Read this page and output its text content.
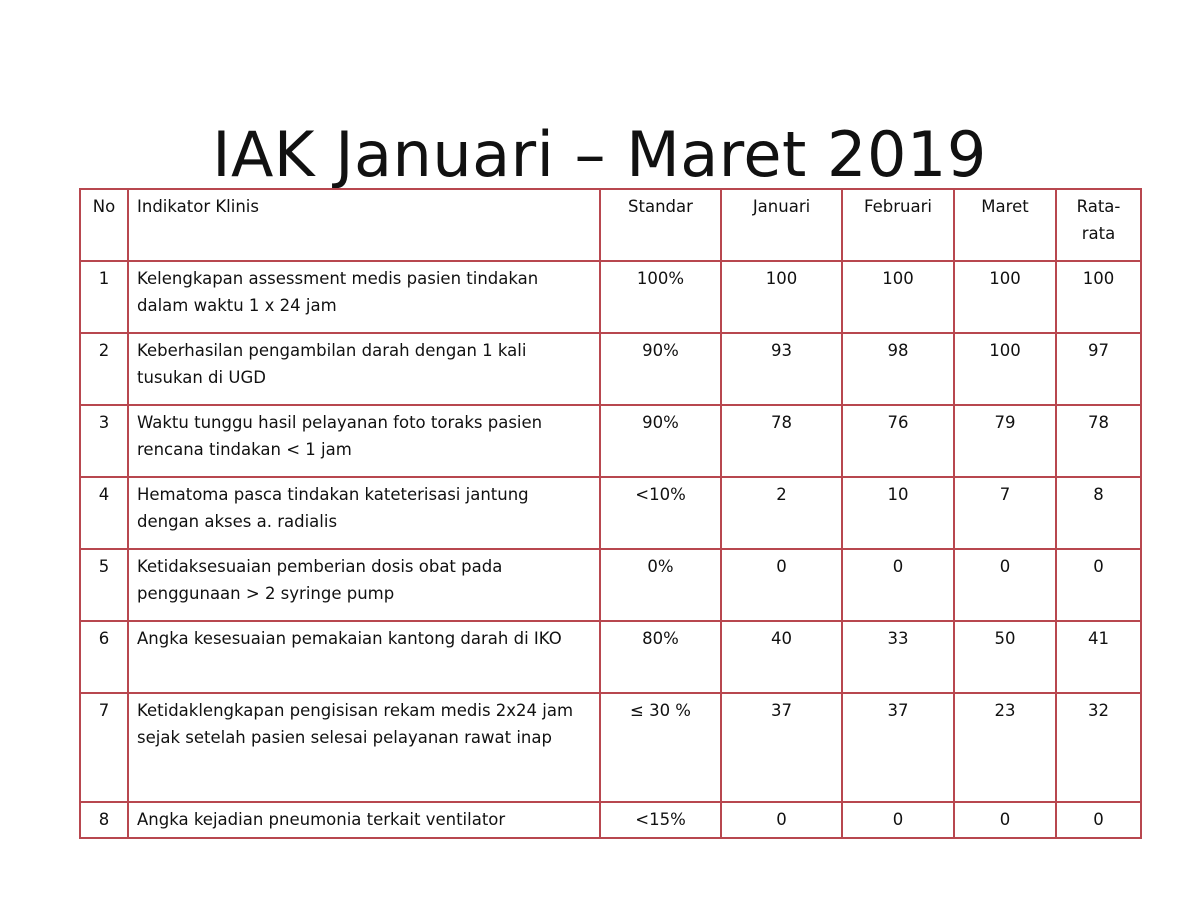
IAK Januari – Maret 2019
No	Indikator Klinis	Standar	Januari	Februari	Maret	Rata-rata
1	Kelengkapan assessment medis pasien tindakan dalam waktu 1 x 24 jam	100%	100	100	100	100
2	Keberhasilan pengambilan darah dengan 1 kali tusukan di UGD	90%	93	98	100	97
3	Waktu tunggu hasil pelayanan foto toraks pasien rencana tindakan < 1 jam	90%	78	76	79	78
4	Hematoma pasca tindakan kateterisasi jantung dengan akses a. radialis	<10%	2	10	7	8
5	Ketidaksesuaian pemberian dosis obat pada penggunaan > 2 syringe pump	0%	0	0	0	0
6	Angka kesesuaian pemakaian kantong darah di IKO	80%	40	33	50	41
7	Ketidaklengkapan pengisisan rekam medis 2x24 jam sejak setelah pasien selesai pelayanan rawat inap	≤ 30 %	37	37	23	32
8	Angka kejadian pneumonia terkait ventilator	<15%	0	0	0	0
